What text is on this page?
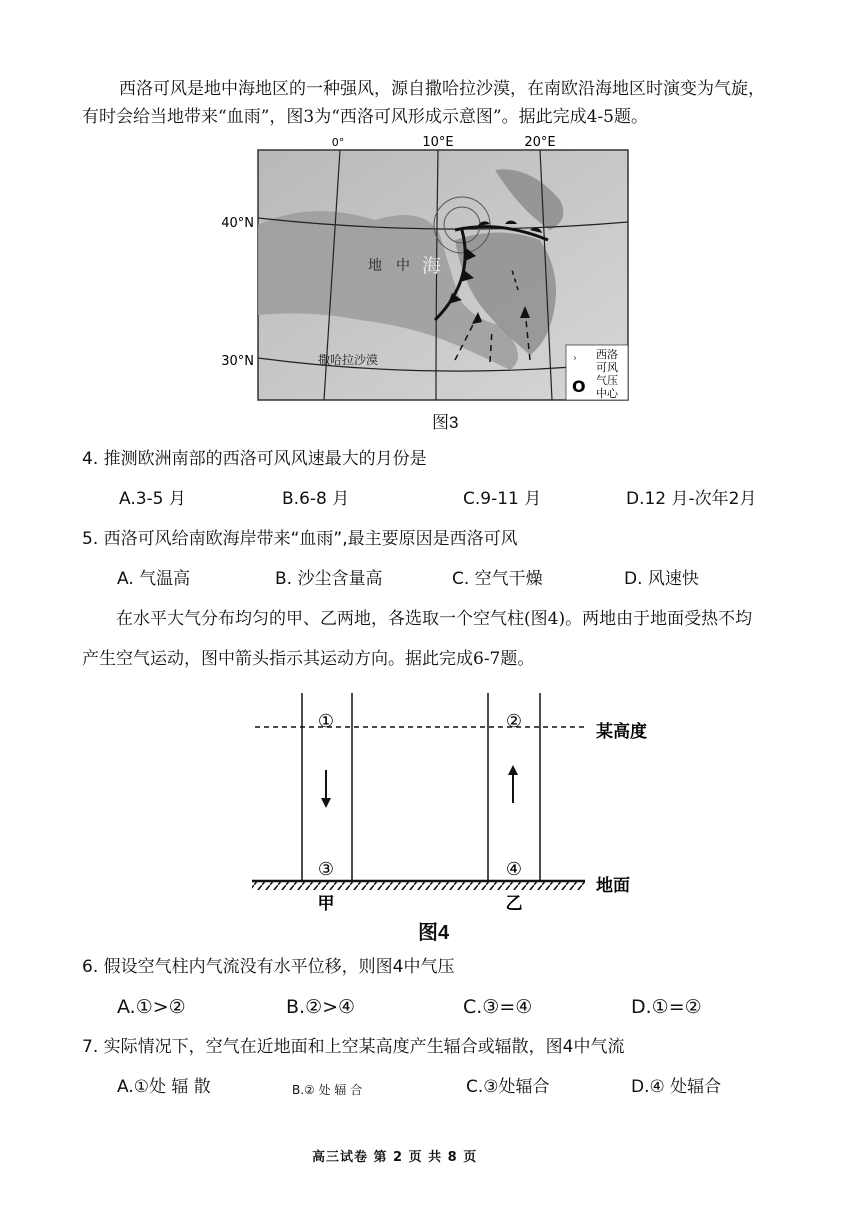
西洛可风是地中海地区的一种强风，源自撒哈拉沙漠，在南欧沿海地区时演变为气旋，
有时会给当地带来“血雨”，图3为“西洛可风形成示意图”。据此完成4-5题。
0°	10°E	20°E
40°N
30°N
地 中 海
撒哈拉沙漠	› 西洛
可风
O 气压
中心
图3
4. 推测欧洲南部的西洛可风风速最大的月份是
A.3-5 月	B.6-8 月	C.9-11 月	D.12 月-次年2月
5. 西洛可风给南欧海岸带来“血雨”,最主要原因是西洛可风
A. 气温高	B. 沙尘含量高	C. 空气干燥	D. 风速快
在水平大气分布均匀的甲、乙两地，各选取一个空气柱(图4)。两地由于地面受热不均
产生空气运动，图中箭头指示其运动方向。据此完成6-7题。
某高度
地面
①	②
③	④
甲	乙
图4
6. 假设空气柱内气流没有水平位移，则图4中气压
A.①>②	B.②>④	C.③=④	D.①=②
7. 实际情况下，空气在近地面和上空某高度产生辐合或辐散，图4中气流
A.①处 辐 散	B.② 处 辐 合	C.③处辐合	D.④ 处辐合
高三试卷 第 2 页 共 8 页
